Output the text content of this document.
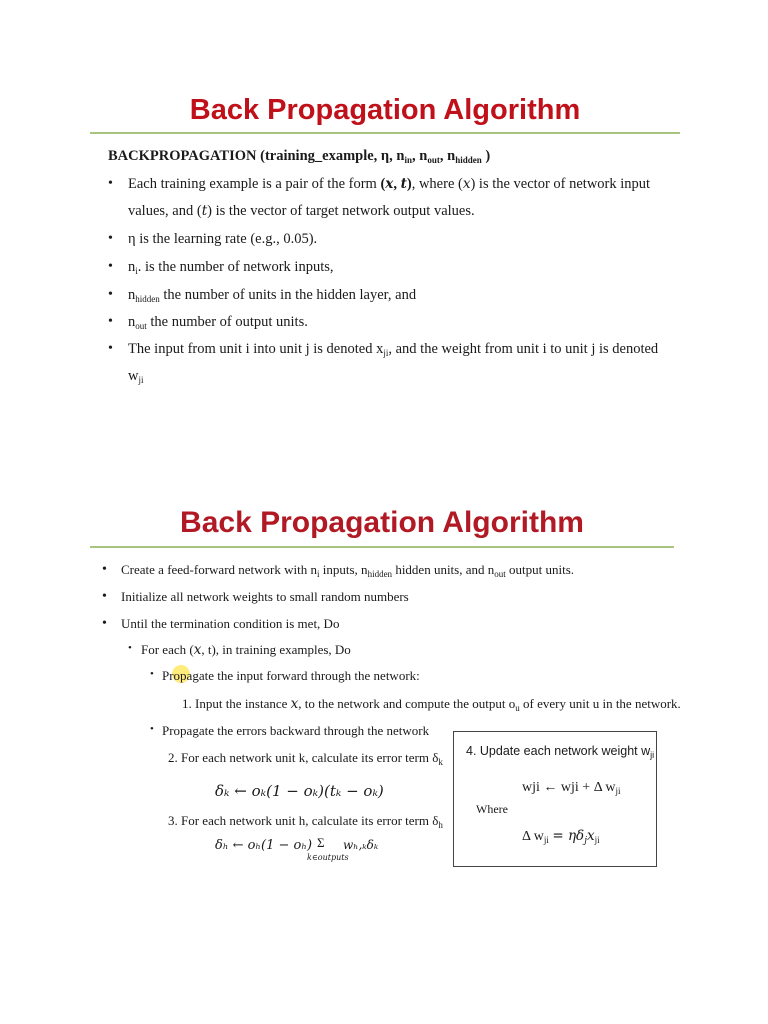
Back Propagation Algorithm
BACKPROPAGATION (training_example, η, $n_{in}$, $n_{out}$, $n_{hidden}$ )
• Each training example is a pair of the form (x, t), where (x) is the vector of network input
values, and (t) is the vector of target network output values.
• η is the learning rate (e.g., 0.05).
• $n_i$. is the number of network inputs,
• $n_{hidden}$ the number of units in the hidden layer, and
• $n_{out}$ the number of output units.
• The input from unit i into unit j is denoted $x_{ji}$, and the weight from unit i to unit j is denoted
$w_{ji}$
Back Propagation Algorithm
• Create a feed-forward network with $n_i$ inputs, $n_{hidden}$ hidden units, and $n_{out}$ output units.
• Initialize all network weights to small random numbers
• Until the termination condition is met, Do
• For each (x, t), in training examples, Do
• Propagate the input forward through the network:
1. Input the instance x, to the network and compute the output $o_u$ of every unit u in the network.
• Propagate the errors backward through the network
2. For each network unit k, calculate its error term $\delta_k$
δₖ ← oₖ(1 − oₖ)(tₖ − oₖ)
3. For each network unit h, calculate its error term $\delta_h$
δₕ ← oₕ(1 − oₕ) Σ
k∈outputs
wₕ,ₖδₖ
4. Update each network weight $w_{ji}$
wji ← wji + Δ $w_{ji}$
Where
Δ $w_{ji} = \eta\delta_jx_{ji}$
